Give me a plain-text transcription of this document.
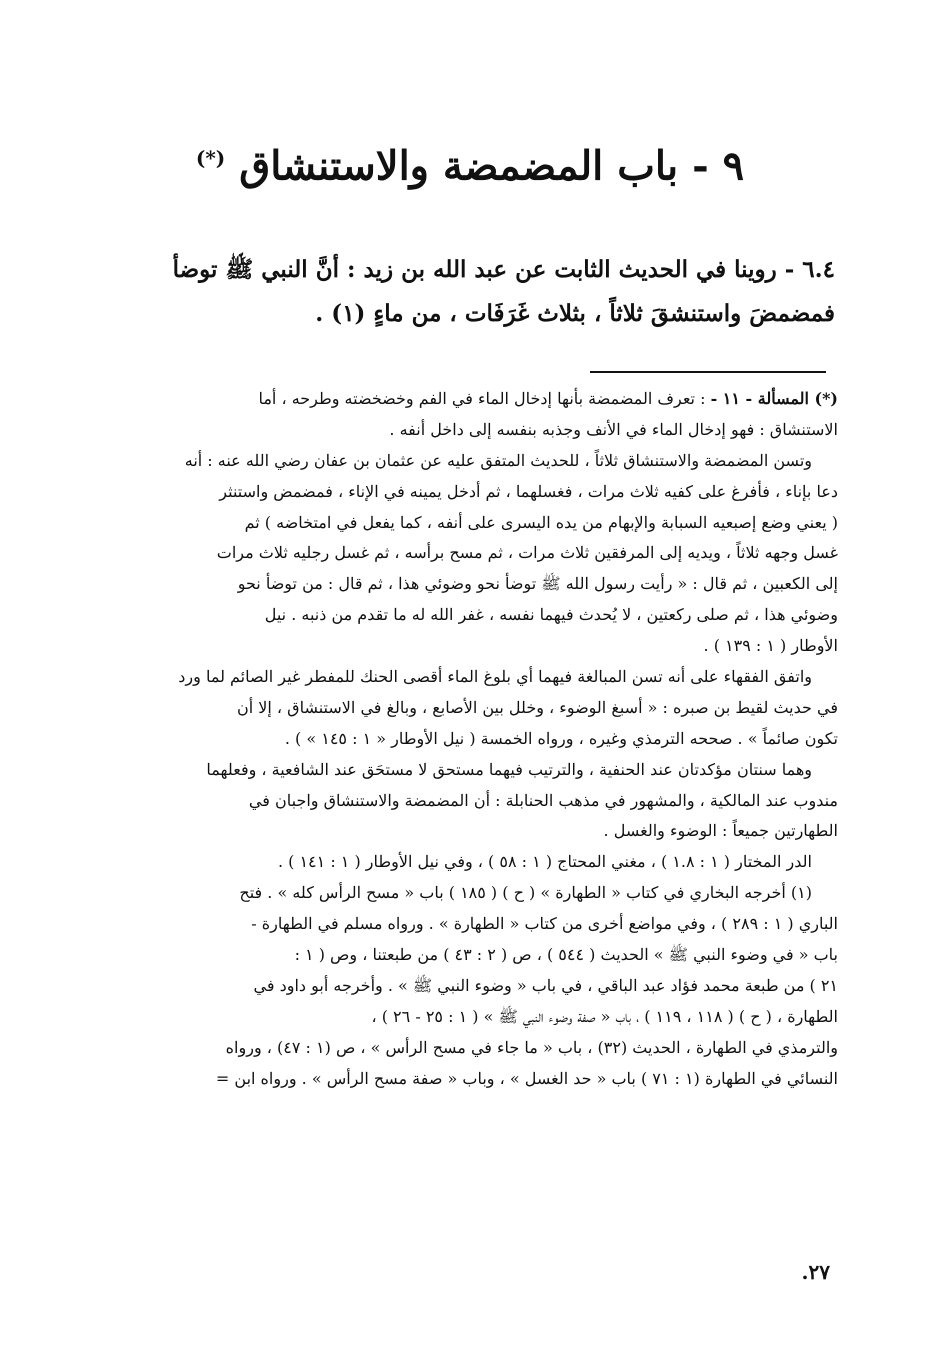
٩ - باب المضمضة والاستنشاق (*)
٦.٤ - روينا في الحديث الثابت عن عبد الله بن زيد : أنَّ النبي ﷺ توضأ
فمضمضَ واستنشقَ ثلاثاً ، بثلاث غَرَفَات ، من ماءٍ (١) .
(*) المسألة - ١١ - : تعرف المضمضة بأنها إدخال الماء في الفم وخضخضته وطرحه ، أما
الاستنشاق : فهو إدخال الماء في الأنف وجذبه بنفسه إلى داخل أنفه .
وتسن المضمضة والاستنشاق ثلاثاً ، للحديث المتفق عليه عن عثمان بن عفان رضي الله عنه : أنه
دعا بإناء ، فأفرغ على كفيه ثلاث مرات ، فغسلهما ، ثم أدخل يمينه في الإناء ، فمضمض واستنثر
( يعني وضع إصبعيه السبابة والإبهام من يده اليسرى على أنفه ، كما يفعل في امتخاضه ) ثم
غسل وجهه ثلاثاً ، ويديه إلى المرفقين ثلاث مرات ، ثم مسح برأسه ، ثم غسل رجليه ثلاث مرات
إلى الكعبين ، ثم قال : « رأيت رسول الله ﷺ توضأ نحو وضوئي هذا ، ثم قال : من توضأ نحو
وضوئي هذا ، ثم صلى ركعتين ، لا يُحدث فيهما نفسه ، غفر الله له ما تقدم من ذنبه . نيل
الأوطار ( ١ : ١٣٩ ) .
واتفق الفقهاء على أنه تسن المبالغة فيهما أي بلوغ الماء أقصى الحنك للمفطر غير الصائم لما ورد
في حديث لقيط بن صبره : « أسبغ الوضوء ، وخلل بين الأصابع ، وبالغ في الاستنشاق ، إلا أن
تكون صائماً » . صححه الترمذي وغيره ، ورواه الخمسة ( نيل الأوطار « ١ : ١٤٥ » ) .
وهما سنتان مؤكدتان عند الحنفية ، والترتيب فيهما مستحق لا مستحَق عند الشافعية ، وفعلهما
مندوب عند المالكية ، والمشهور في مذهب الحنابلة : أن المضمضة والاستنشاق واجبان في
الطهارتين جميعاً : الوضوء والغسل .
الدر المختار ( ١ : ١.٨ ) ، مغني المحتاج ( ١ : ٥٨ ) ، وفي نيل الأوطار ( ١ : ١٤١ ) .
(١) أخرجه البخاري في كتاب « الطهارة » ( ح ) ( ١٨٥ ) باب « مسح الرأس كله » . فتح
الباري ( ١ : ٢٨٩ ) ، وفي مواضع أخرى من كتاب « الطهارة » . ورواه مسلم في الطهارة -
باب « في وضوء النبي ﷺ » الحديث ( ٥٤٤ ) ، ص ( ٢ : ٤٣ ) من طبعتنا ، وص ( ١ :
٢١ ) من طبعة محمد فؤاد عبد الباقي ، في باب « وضوء النبي ﷺ » . وأخرجه أبو داود في
الطهارة ، ( ح ) ( ١١٨ ، ١١٩ ) ، باب « صفة وضوء النبي ﷺ » ( ١ : ٢٥ - ٢٦ ) ،
والترمذي في الطهارة ، الحديث (٣٢) ، باب « ما جاء في مسح الرأس » ، ص (١ : ٤٧) ، ورواه
النسائي في الطهارة (١ : ٧١ ) باب « حد الغسل » ، وباب « صفة مسح الرأس » . ورواه ابن =
٢٧.
